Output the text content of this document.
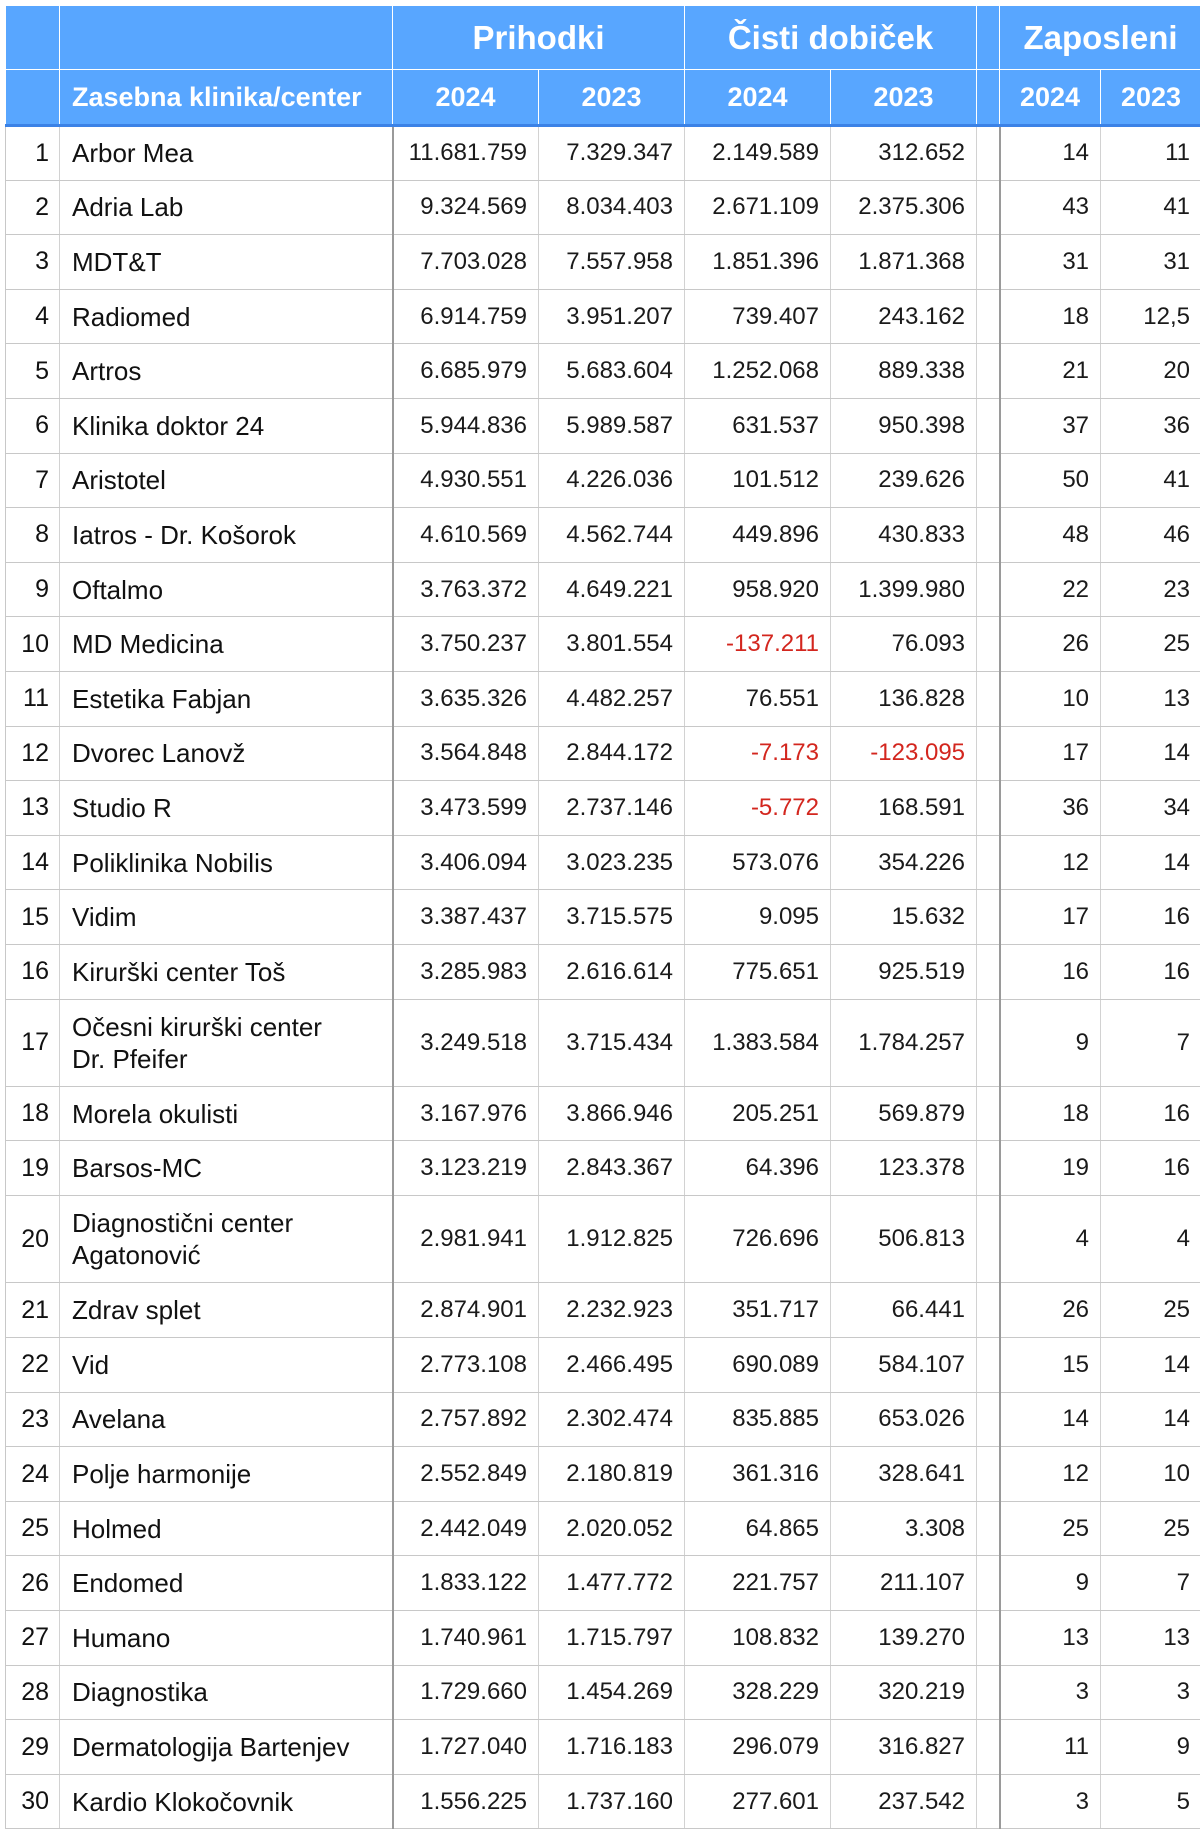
		Prihodki		Čisti dobiček			Zaposleni	
	Zasebna klinika/center	2024	2023	2024	2023		2024	2023
1	Arbor Mea	11.681.759	7.329.347	2.149.589	312.652		14	11
2	Adria Lab	9.324.569	8.034.403	2.671.109	2.375.306		43	41
3	MDT&T	7.703.028	7.557.958	1.851.396	1.871.368		31	31
4	Radiomed	6.914.759	3.951.207	739.407	243.162		18	12,5
5	Artros	6.685.979	5.683.604	1.252.068	889.338		21	20
6	Klinika doktor 24	5.944.836	5.989.587	631.537	950.398		37	36
7	Aristotel	4.930.551	4.226.036	101.512	239.626		50	41
8	Iatros - Dr. Košorok	4.610.569	4.562.744	449.896	430.833		48	46
9	Oftalmo	3.763.372	4.649.221	958.920	1.399.980		22	23
10	MD Medicina	3.750.237	3.801.554	-137.211	76.093		26	25
11	Estetika Fabjan	3.635.326	4.482.257	76.551	136.828		10	13
12	Dvorec Lanovž	3.564.848	2.844.172	-7.173	-123.095		17	14
13	Studio R	3.473.599	2.737.146	-5.772	168.591		36	34
14	Poliklinika Nobilis	3.406.094	3.023.235	573.076	354.226		12	14
15	Vidim	3.387.437	3.715.575	9.095	15.632		17	16
16	Kirurški center Toš	3.285.983	2.616.614	775.651	925.519		16	16
17	Očesni kirurški center
Dr. Pfeifer	3.249.518	3.715.434	1.383.584	1.784.257		9	7
18	Morela okulisti	3.167.976	3.866.946	205.251	569.879		18	16
19	Barsos-MC	3.123.219	2.843.367	64.396	123.378		19	16
20	Diagnostični center
Agatonović	2.981.941	1.912.825	726.696	506.813		4	4
21	Zdrav splet	2.874.901	2.232.923	351.717	66.441		26	25
22	Vid	2.773.108	2.466.495	690.089	584.107		15	14
23	Avelana	2.757.892	2.302.474	835.885	653.026		14	14
24	Polje harmonije	2.552.849	2.180.819	361.316	328.641		12	10
25	Holmed	2.442.049	2.020.052	64.865	3.308		25	25
26	Endomed	1.833.122	1.477.772	221.757	211.107		9	7
27	Humano	1.740.961	1.715.797	108.832	139.270		13	13
28	Diagnostika	1.729.660	1.454.269	328.229	320.219		3	3
29	Dermatologija Bartenjev	1.727.040	1.716.183	296.079	316.827		11	9
30	Kardio Klokočovnik	1.556.225	1.737.160	277.601	237.542		3	5
